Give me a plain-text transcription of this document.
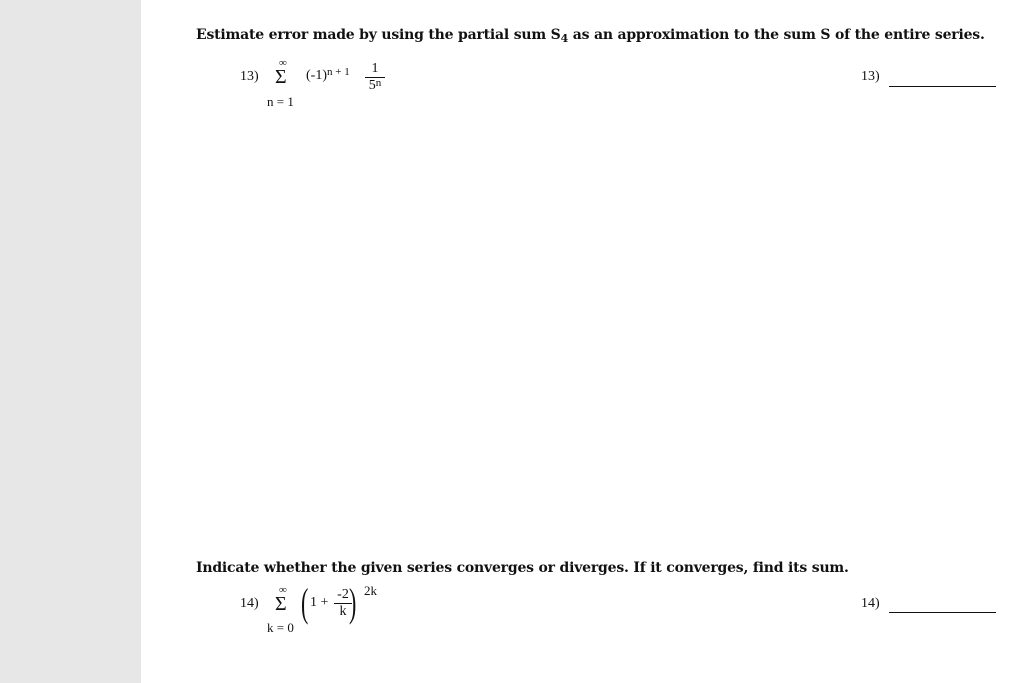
Estimate error made by using the partial sum $S_4$ as an approximation to the sum S of the entire series.
13)
∞
Σ
n = 1
$(-1)^{n + 1}$	1
5$^n$	13)
Indicate whether the given series converges or diverges. If it converges, find its sum.
14)
∞
Σ
k = 0
( 1 +
-2
k ) 2k
14)
